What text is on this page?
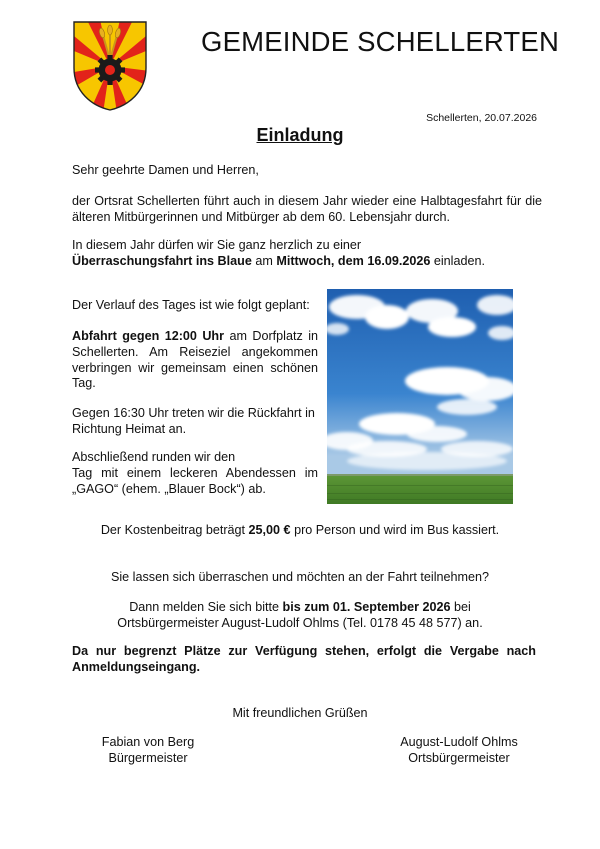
GEMEINDE SCHELLERTEN
Schellerten, 20.07.2026
Einladung
Sehr geehrte Damen und Herren,
der Ortsrat Schellerten führt auch in diesem Jahr wieder eine Halbtagesfahrt für die älteren Mitbürgerinnen und Mitbürger ab dem 60. Lebensjahr durch.
In diesem Jahr dürfen wir Sie ganz herzlich zu einer
Überraschungsfahrt ins Blaue am Mittwoch, dem 16.09.2026 einladen.
Der Verlauf des Tages ist wie folgt geplant:
Abfahrt gegen 12:00 Uhr am Dorfplatz in Schellerten. Am Reiseziel angekommen verbringen wir gemeinsam einen schönen Tag.
Gegen 16:30 Uhr treten wir die Rückfahrt in Richtung Heimat an.
Abschließend runden wir den
Tag mit einem leckeren Abendessen im „GAGO“ (ehem. „Blauer Bock“) ab.
Der Kostenbeitrag beträgt 25,00 € pro Person und wird im Bus kassiert.
Sie lassen sich überraschen und möchten an der Fahrt teilnehmen?
Dann melden Sie sich bitte bis zum 01. September 2026 bei
Ortsbürgermeister August-Ludolf Ohlms (Tel. 0178 45 48 577) an.
Da nur begrenzt Plätze zur Verfügung stehen, erfolgt die Vergabe nach Anmeldungseingang.
Mit freundlichen Grüßen
Fabian von Berg
Bürgermeister
August-Ludolf Ohlms
Ortsbürgermeister
